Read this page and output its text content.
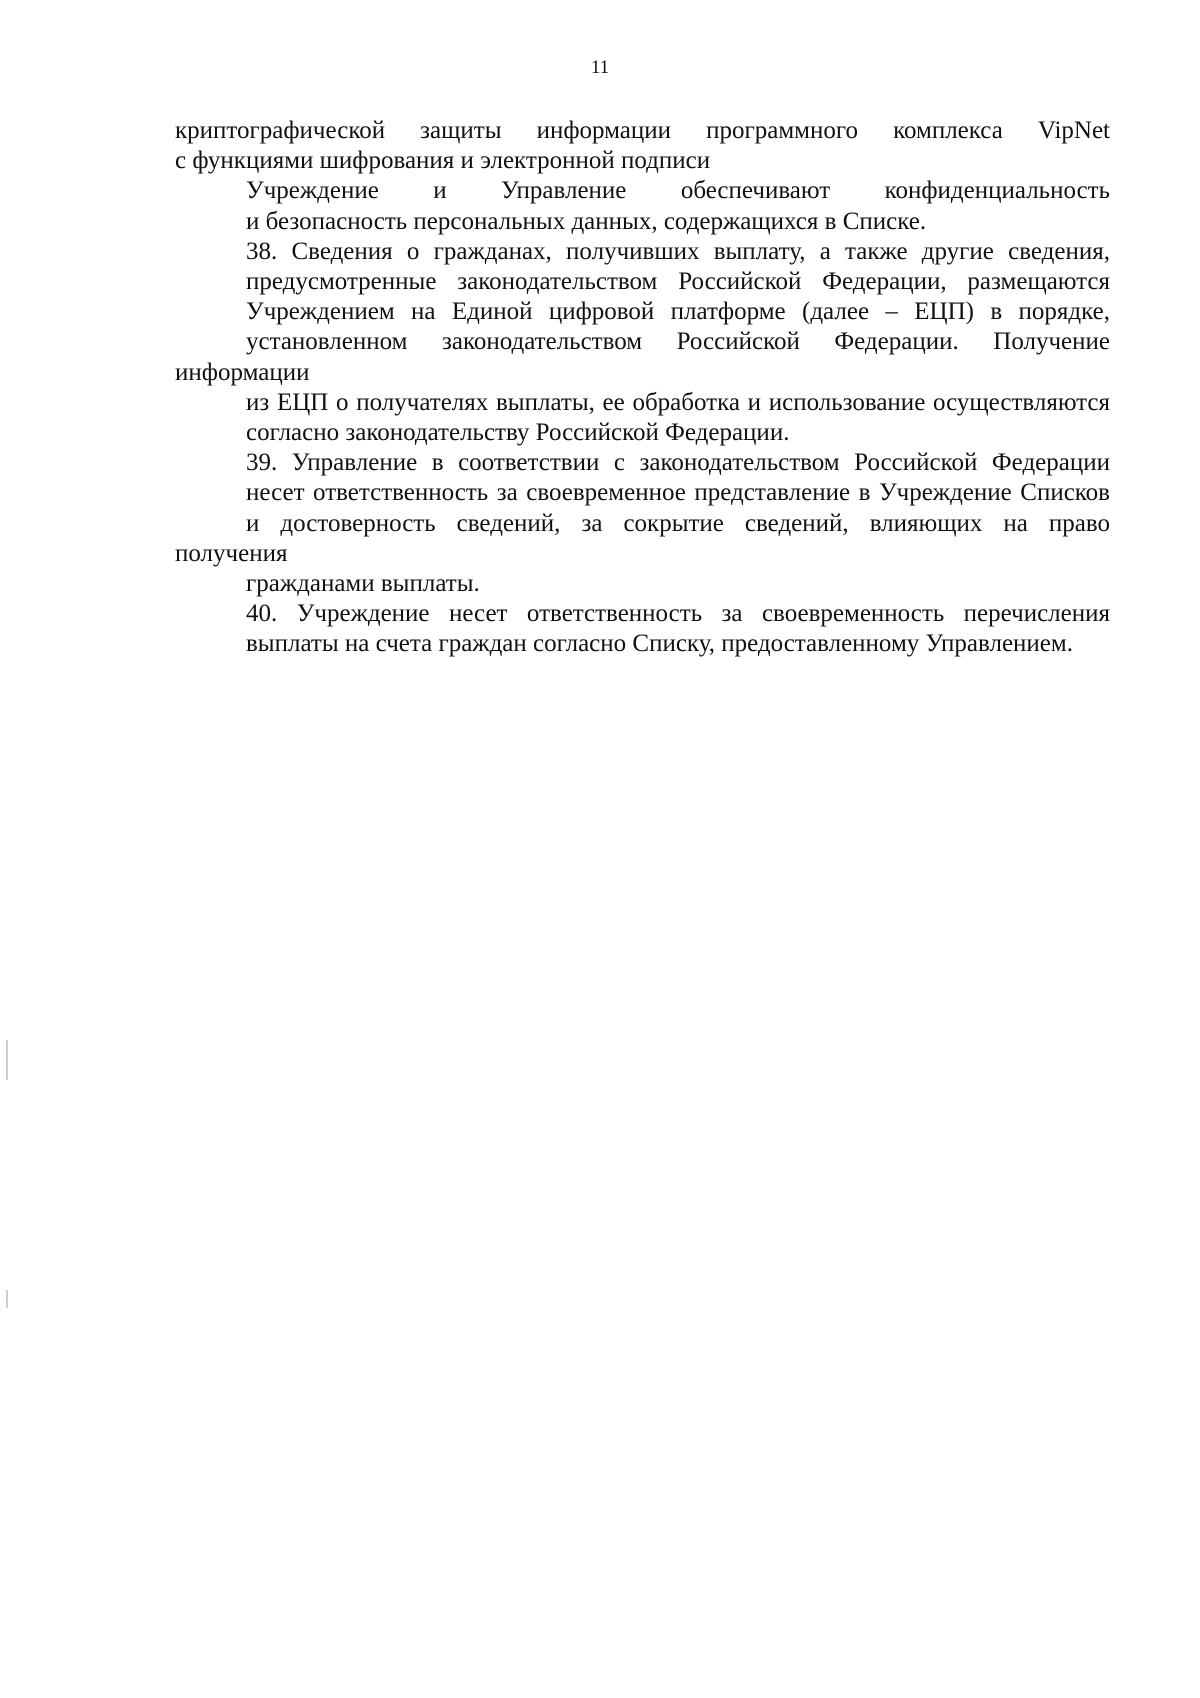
11

криптографической защиты информации программного комплекса VipNet
с функциями шифрования и электронной подписи

Учреждение и Управление обеспечивают конфиденциальность
и безопасность персональных данных, содержащихся в Списке.

38. Сведения о гражданах, получивших выплату, а также другие сведения,
предусмотренные законодательством Российской Федерации, размещаются
Учреждением на Единой цифровой платформе (далее – ЕЦП) в порядке,
установленном законодательством Российской Федерации. Получение информации
из ЕЦП о получателях выплаты, ее обработка и использование осуществляются
согласно законодательству Российской Федерации.

39. Управление в соответствии с законодательством Российской Федерации
несет ответственность за своевременное представление в Учреждение Списков
и достоверность сведений, за сокрытие сведений, влияющих на право получения
гражданами выплаты.

40. Учреждение несет ответственность за своевременность перечисления
выплаты на счета граждан согласно Списку, предоставленному Управлением.
